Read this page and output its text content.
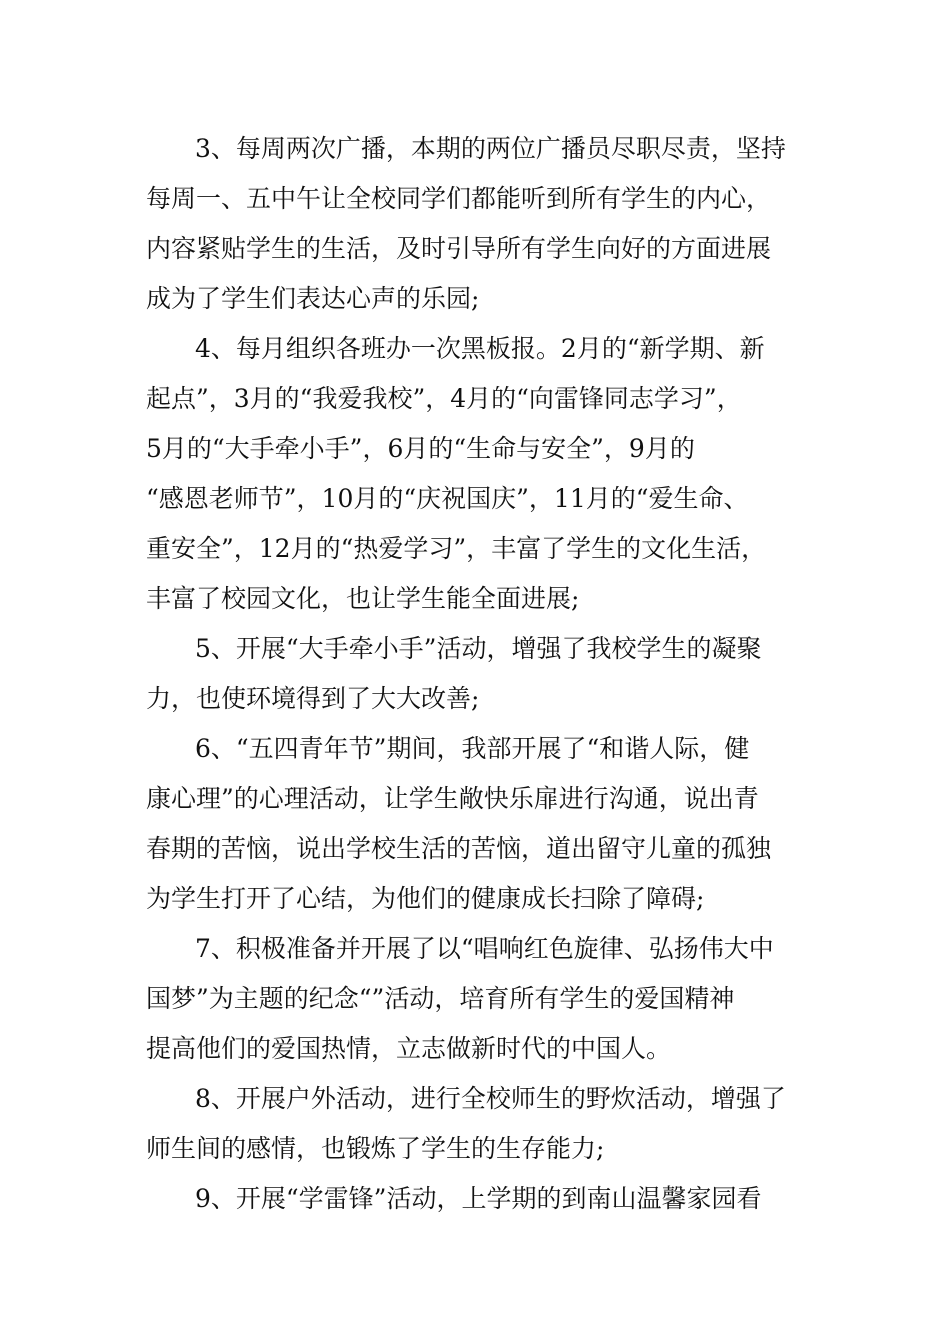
3、每周两次广播，本期的两位广播员尽职尽责，坚持
每周一、五中午让全校同学们都能听到所有学生的内心，
内容紧贴学生的生活，及时引导所有学生向好的方面进展
成为了学生们表达心声的乐园;
4、每月组织各班办一次黑板报。2月的“新学期、新
起点”，3月的“我爱我校”，4月的“向雷锋同志学习”，
5月的“大手牵小手”，6月的“生命与安全”，9月的
“感恩老师节”，10月的“庆祝国庆”，11月的“爱生命、
重安全”，12月的“热爱学习”，丰富了学生的文化生活，
丰富了校园文化，也让学生能全面进展;
5、开展“大手牵小手”活动，增强了我校学生的凝聚
力，也使环境得到了大大改善;
6、“五四青年节”期间，我部开展了“和谐人际，健
康心理”的心理活动，让学生敞快乐扉进行沟通，说出青
春期的苦恼，说出学校生活的苦恼，道出留守儿童的孤独
为学生打开了心结，为他们的健康成长扫除了障碍;
7、积极准备并开展了以“唱响红色旋律、弘扬伟大中
国梦”为主题的纪念“”活动，培育所有学生的爱国精神
提高他们的爱国热情，立志做新时代的中国人。
8、开展户外活动，进行全校师生的野炊活动，增强了
师生间的感情，也锻炼了学生的生存能力;
9、开展“学雷锋”活动，上学期的到南山温馨家园看
